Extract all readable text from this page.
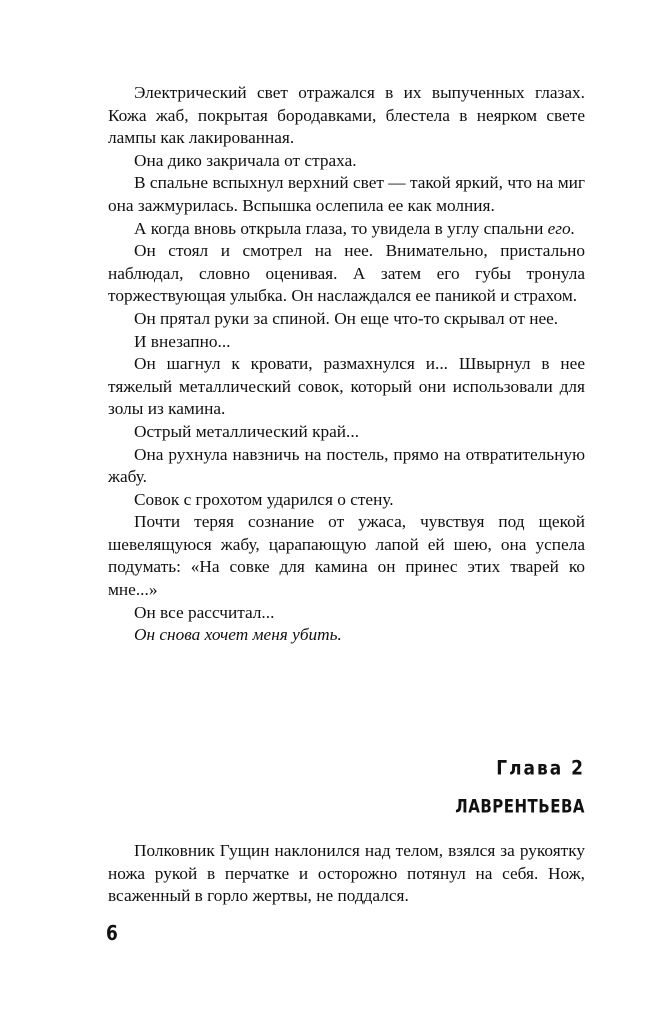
Электрический свет отражался в их выпученных глазах. Кожа жаб, покрытая бородавками, блестела в неярком свете лампы как лакированная.

Она дико закричала от страха.

В спальне вспыхнул верхний свет — такой яркий, что на миг она зажмурилась. Вспышка ослепила ее как молния.

А когда вновь открыла глаза, то увидела в углу спальни его.

Он стоял и смотрел на нее. Внимательно, пристально наблюдал, словно оценивая. А затем его губы тронула торжествующая улыбка. Он наслаждался ее паникой и страхом.

Он прятал руки за спиной. Он еще что-то скрывал от нее.

И внезапно...

Он шагнул к кровати, размахнулся и... Швырнул в нее тяжелый металлический совок, который они использовали для золы из камина.

Острый металлический край...

Она рухнула навзничь на постель, прямо на отвратительную жабу.

Совок с грохотом ударился о стену.

Почти теряя сознание от ужаса, чувствуя под щекой шевелящуюся жабу, царапающую лапой ей шею, она успела подумать: «На совке для камина он принес этих тварей ко мне...»

Он все рассчитал...

Он снова хочет меня убить.

Глава 2
ЛАВРЕНТЬЕВА

Полковник Гущин наклонился над телом, взялся за рукоятку ножа рукой в перчатке и осторожно потянул на себя. Нож, всаженный в горло жертвы, не поддался.

6
